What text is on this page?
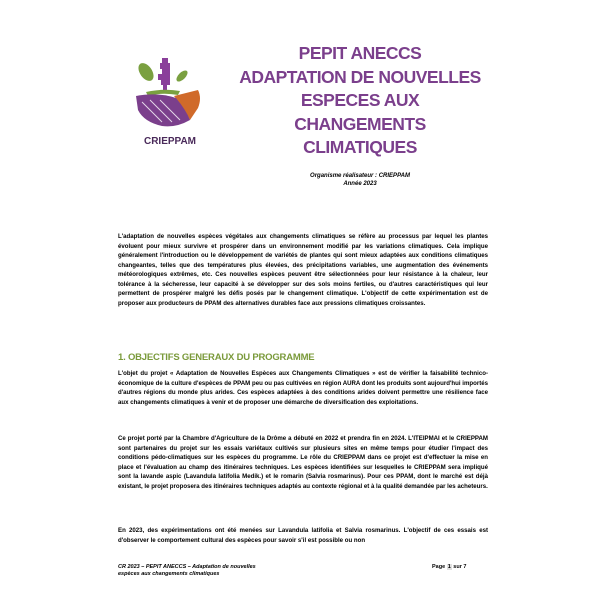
CRIEPPAM
PEPIT ANECCS
ADAPTATION DE NOUVELLES
ESPECES AUX
CHANGEMENTS
CLIMATIQUES
Organisme réalisateur : CRIEPPAM
Année 2023

L'adaptation de nouvelles espèces végétales aux changements climatiques se réfère au processus par lequel les plantes évoluent pour mieux survivre et prospérer dans un environnement modifié par les variations climatiques. Cela implique généralement l'introduction ou le développement de variétés de plantes qui sont mieux adaptées aux conditions climatiques changeantes, telles que des températures plus élevées, des précipitations variables, une augmentation des événements météorologiques extrêmes, etc. Ces nouvelles espèces peuvent être sélectionnées pour leur résistance à la chaleur, leur tolérance à la sécheresse, leur capacité à se développer sur des sols moins fertiles, ou d'autres caractéristiques qui leur permettent de prospérer malgré les défis posés par le changement climatique. L'objectif de cette expérimentation est de proposer aux producteurs de PPAM des alternatives durables face aux pressions climatiques croissantes.

1. OBJECTIFS GENERAUX DU PROGRAMME

L'objet du projet « Adaptation de Nouvelles Espèces aux Changements Climatiques » est de vérifier la faisabilité technico-économique de la culture d'espèces de PPAM peu ou pas cultivées en région AURA dont les produits sont aujourd'hui importés d'autres régions du monde plus arides. Ces espèces adaptées à des conditions arides doivent permettre une résilience face aux changements climatiques à venir et de proposer une démarche de diversification des exploitations.

Ce projet porté par la Chambre d'Agriculture de la Drôme a débuté en 2022 et prendra fin en 2024. L'ITEIPMAI et le CRIEPPAM sont partenaires du projet sur les essais variétaux cultivés sur plusieurs sites en même temps pour étudier l'impact des conditions pédo-climatiques sur les espèces du programme. Le rôle du CRIEPPAM dans ce projet est d'effectuer la mise en place et l'évaluation au champ des itinéraires techniques. Les espèces identifiées sur lesquelles le CRIEPPAM sera impliqué sont la lavande aspic (Lavandula latifolia Medik.) et le romarin (Salvia rosmarinus). Pour ces PPAM, dont le marché est déjà existant, le projet proposera des itinéraires techniques adaptés au contexte régional et à la qualité demandée par les acheteurs.

En 2023, des expérimentations ont été menées sur Lavandula latifolia et Salvia rosmarinus. L'objectif de ces essais est d'observer le comportement cultural des espèces pour savoir s'il est possible ou non

CR 2023 – PEPIT ANECCS – Adaptation de nouvelles espèces aux changements climatiques
Page 1 sur 7
